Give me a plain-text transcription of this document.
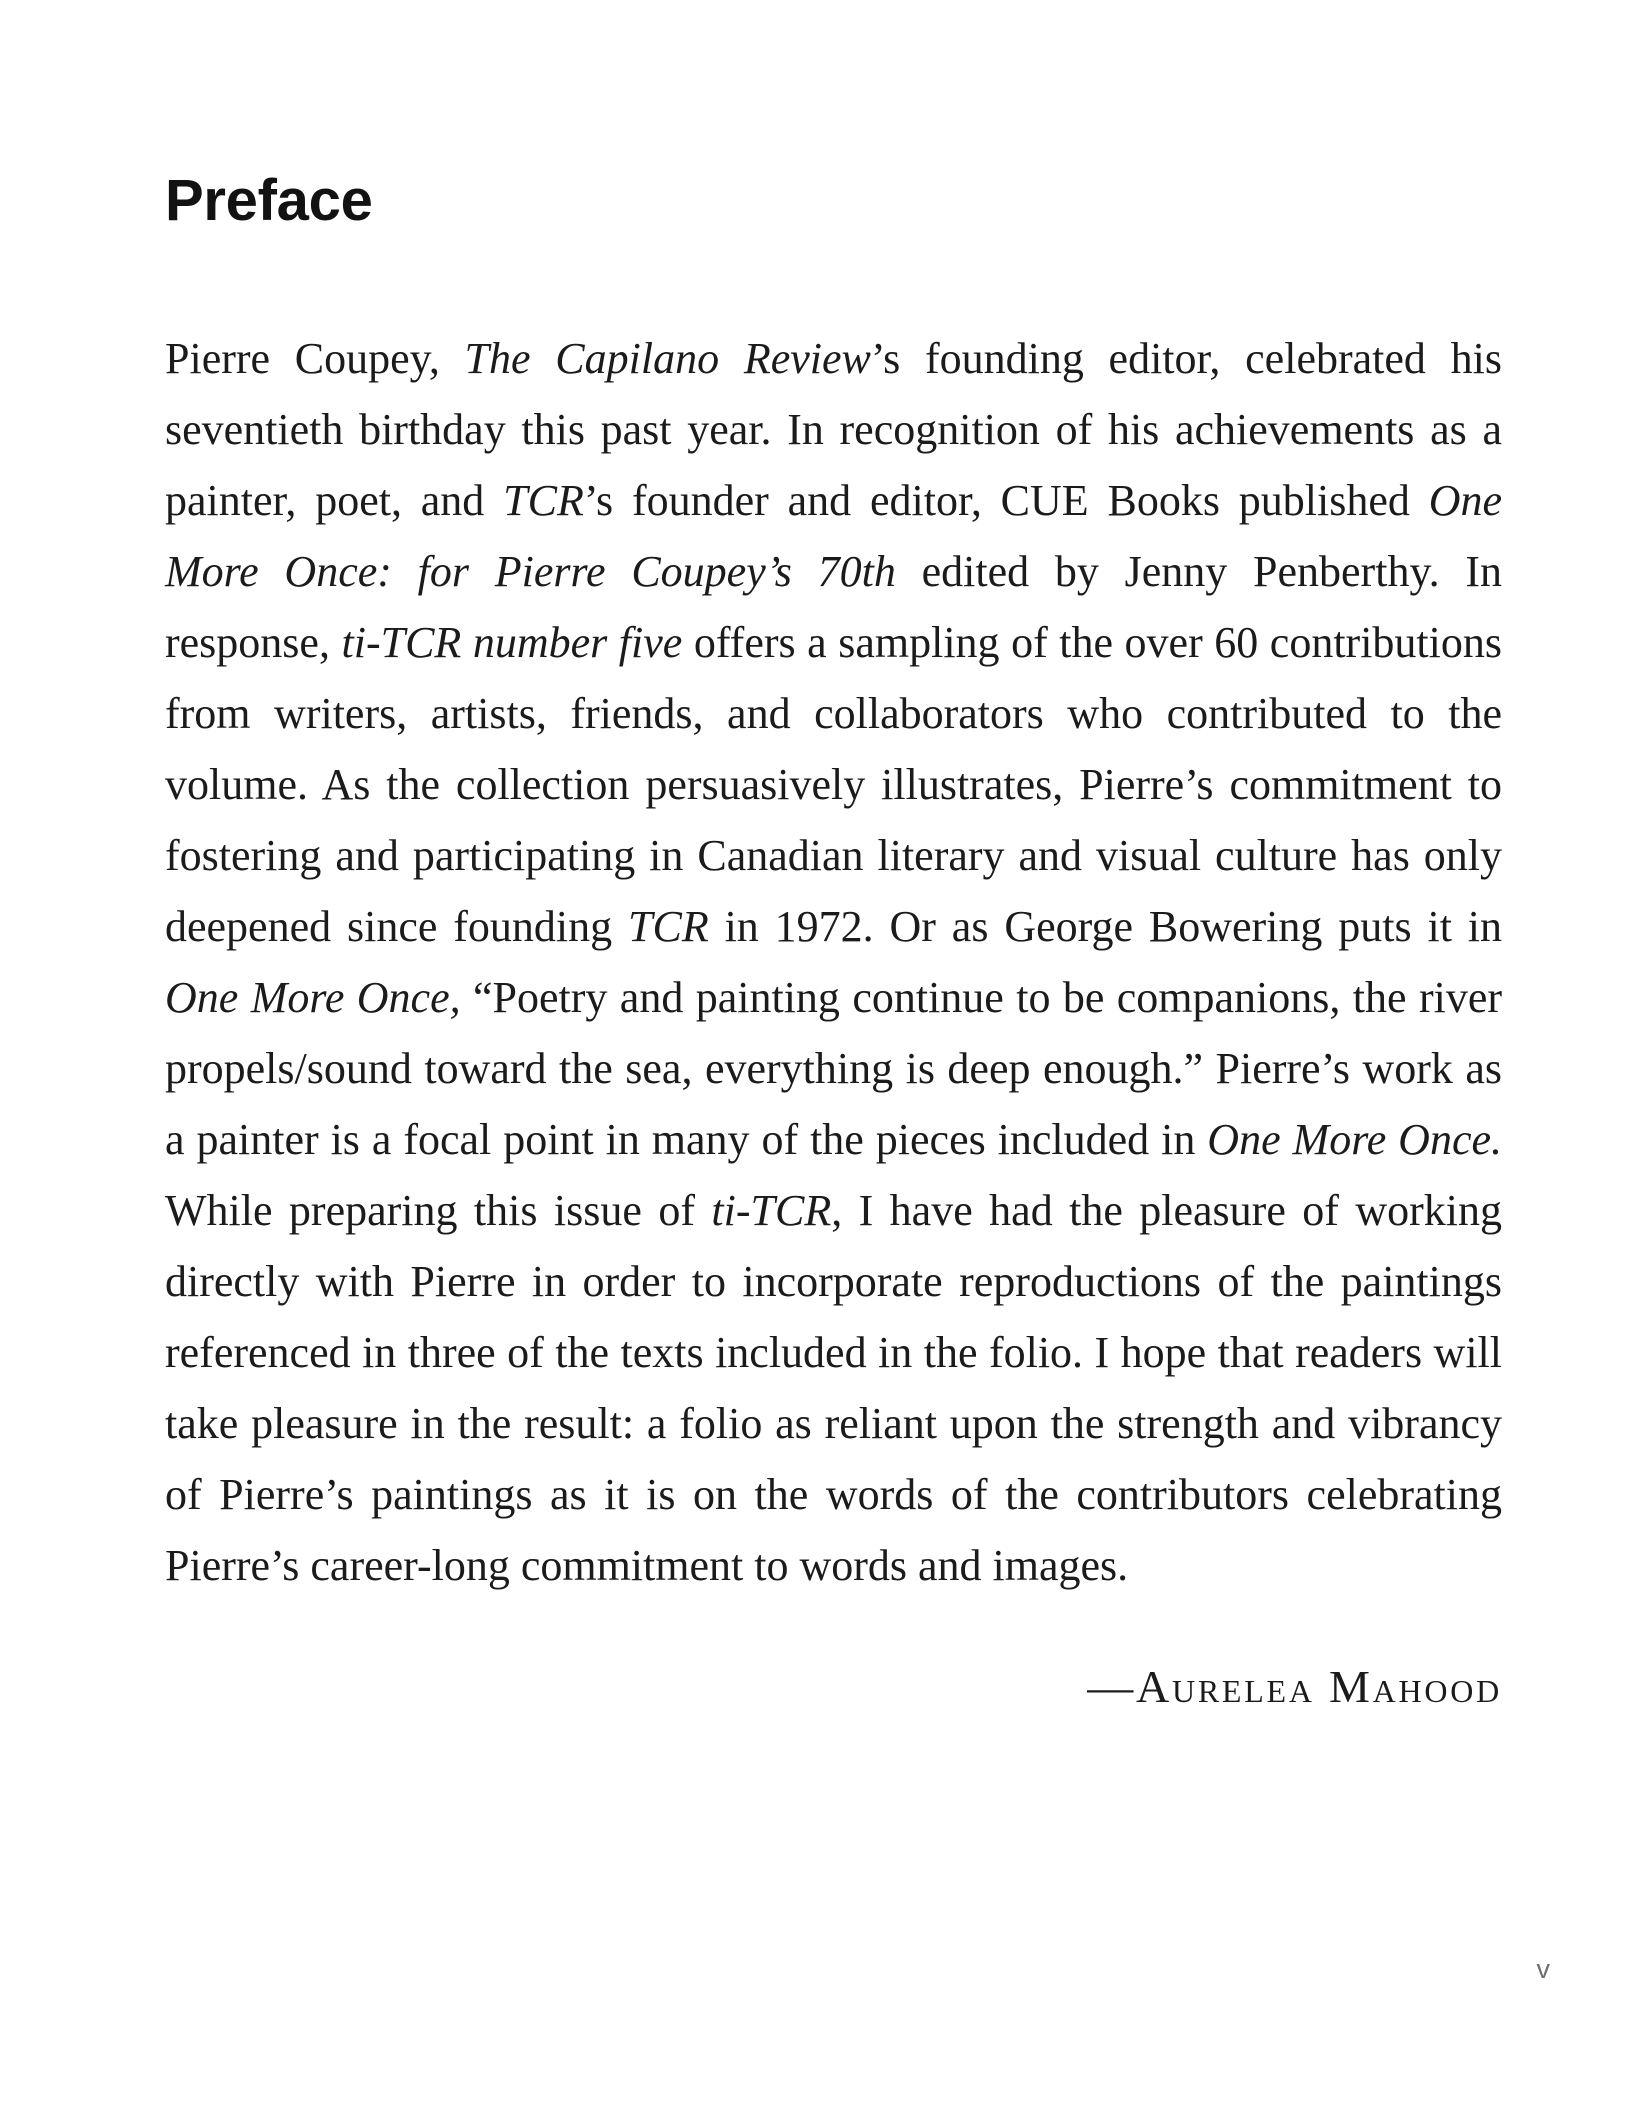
Preface

Pierre Coupey, The Capilano Review’s founding editor, celebrated his seventieth birthday this past year. In recognition of his achievements as a painter, poet, and TCR’s founder and editor, CUE Books published One More Once: for Pierre Coupey’s 70th edited by Jenny Penberthy. In response, ti-TCR number five offers a sampling of the over 60 contributions from writers, artists, friends, and collaborators who contributed to the volume. As the collection persuasively illustrates, Pierre’s commitment to fostering and participating in Canadian literary and visual culture has only deepened since founding TCR in 1972. Or as George Bowering puts it in One More Once, “Poetry and painting continue to be companions, the river propels/sound toward the sea, everything is deep enough.” Pierre’s work as a painter is a focal point in many of the pieces included in One More Once. While preparing this issue of ti-TCR, I have had the pleasure of working directly with Pierre in order to incorporate reproductions of the paintings referenced in three of the texts included in the folio. I hope that readers will take pleasure in the result: a folio as reliant upon the strength and vibrancy of Pierre’s paintings as it is on the words of the contributors celebrating Pierre’s career-long commitment to words and images.

—Aurelea Mahood
v
